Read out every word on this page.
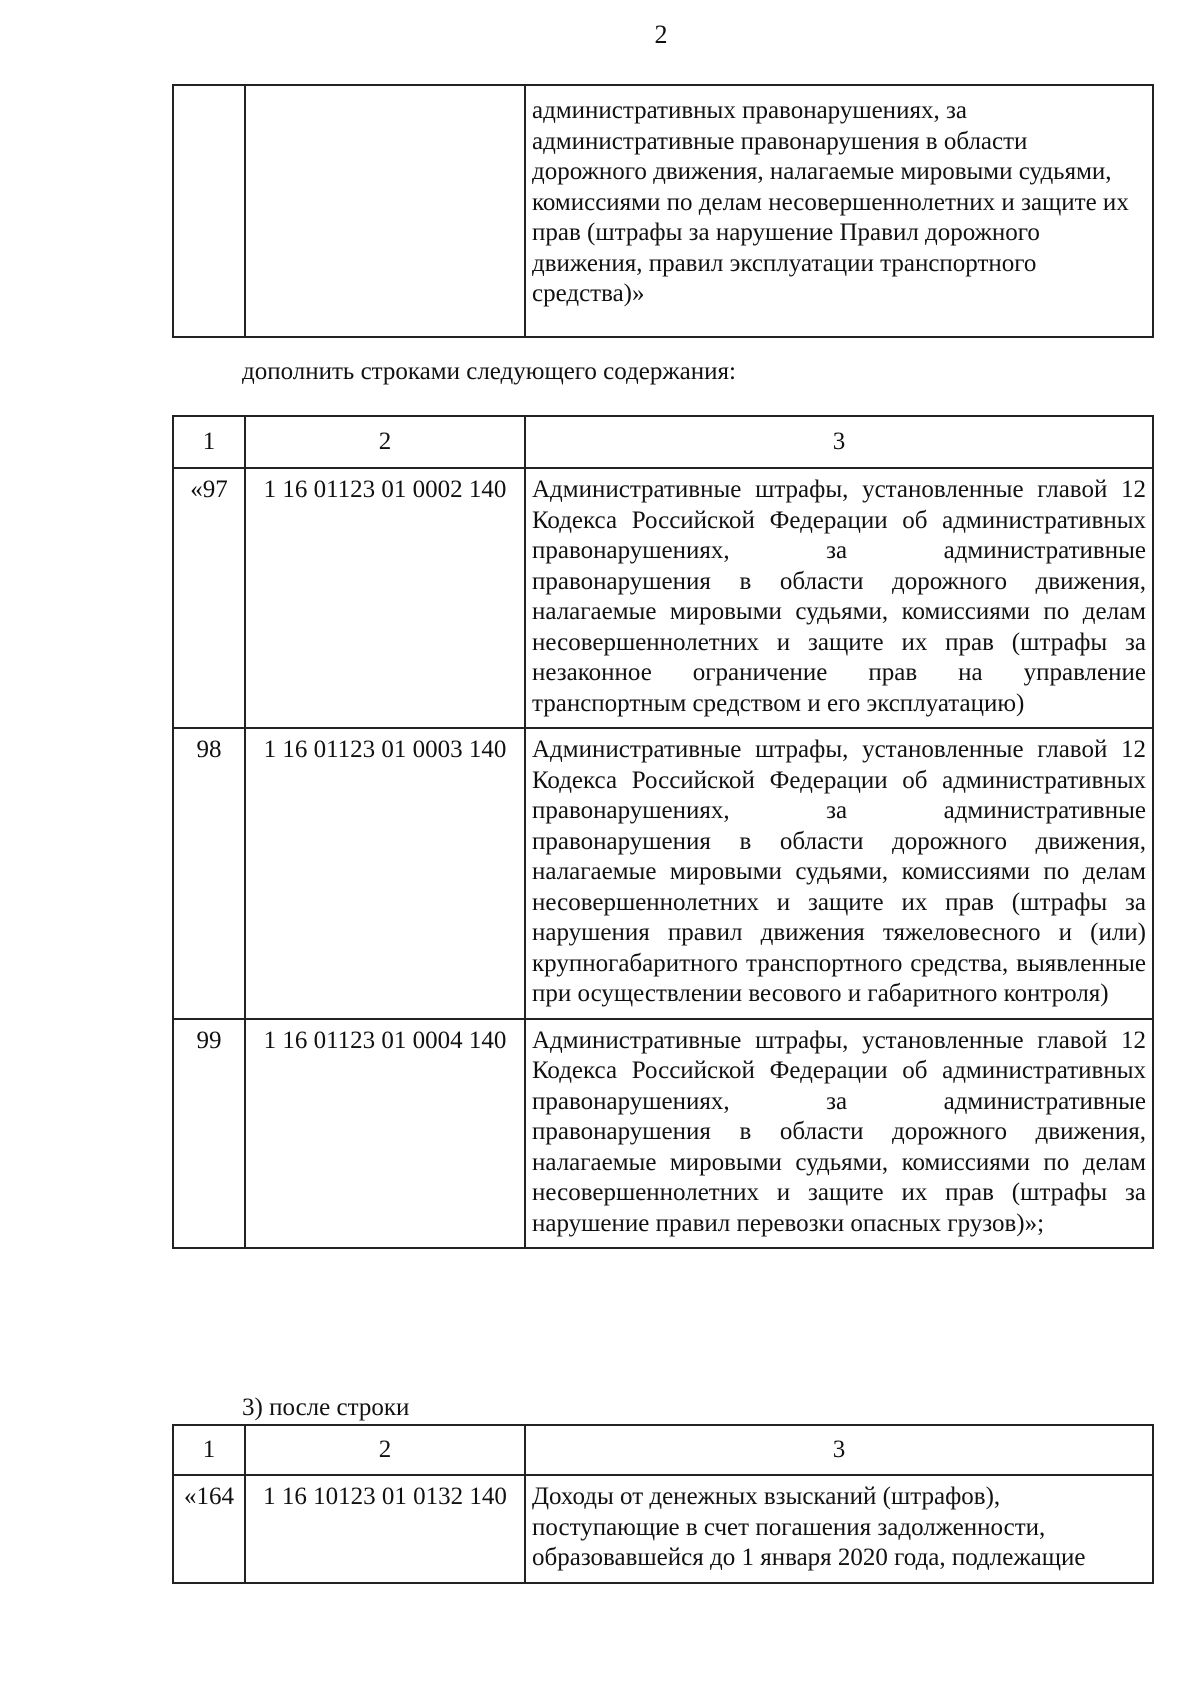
2
		административных правонарушениях, за административные правонарушения в области дорожного движения, налагаемые мировыми судьями, комиссиями по делам несовершеннолетних и защите их прав (штрафы за нарушение Правил дорожного движения, правил эксплуатации транспортного средства)»
дополнить строками следующего содержания:
1	2	3
«97	1 16 01123 01 0002 140	Административные штрафы, установленные главой 12 Кодекса Российской Федерации об административных правонарушениях, за административные правонарушения в области дорожного движения, налагаемые мировыми судьями, комиссиями по делам несовершеннолетних и защите их прав (штрафы за незаконное ограничение прав на управление транспортным средством и его эксплуатацию)
98	1 16 01123 01 0003 140	Административные штрафы, установленные главой 12 Кодекса Российской Федерации об административных правонарушениях, за административные правонарушения в области дорожного движения, налагаемые мировыми судьями, комиссиями по делам несовершеннолетних и защите их прав (штрафы за нарушения правил движения тяжеловесного и (или) крупногабаритного транспортного средства, выявленные при осуществлении весового и габаритного контроля)
99	1 16 01123 01 0004 140	Административные штрафы, установленные главой 12 Кодекса Российской Федерации об административных правонарушениях, за административные правонарушения в области дорожного движения, налагаемые мировыми судьями, комиссиями по делам несовершеннолетних и защите их прав (штрафы за нарушение правил перевозки опасных грузов)»;
3) после строки
1	2	3
«164	1 16 10123 01 0132 140	Доходы от денежных взысканий (штрафов), поступающие в счет погашения задолженности, образовавшейся до 1 января 2020 года, подлежащие
